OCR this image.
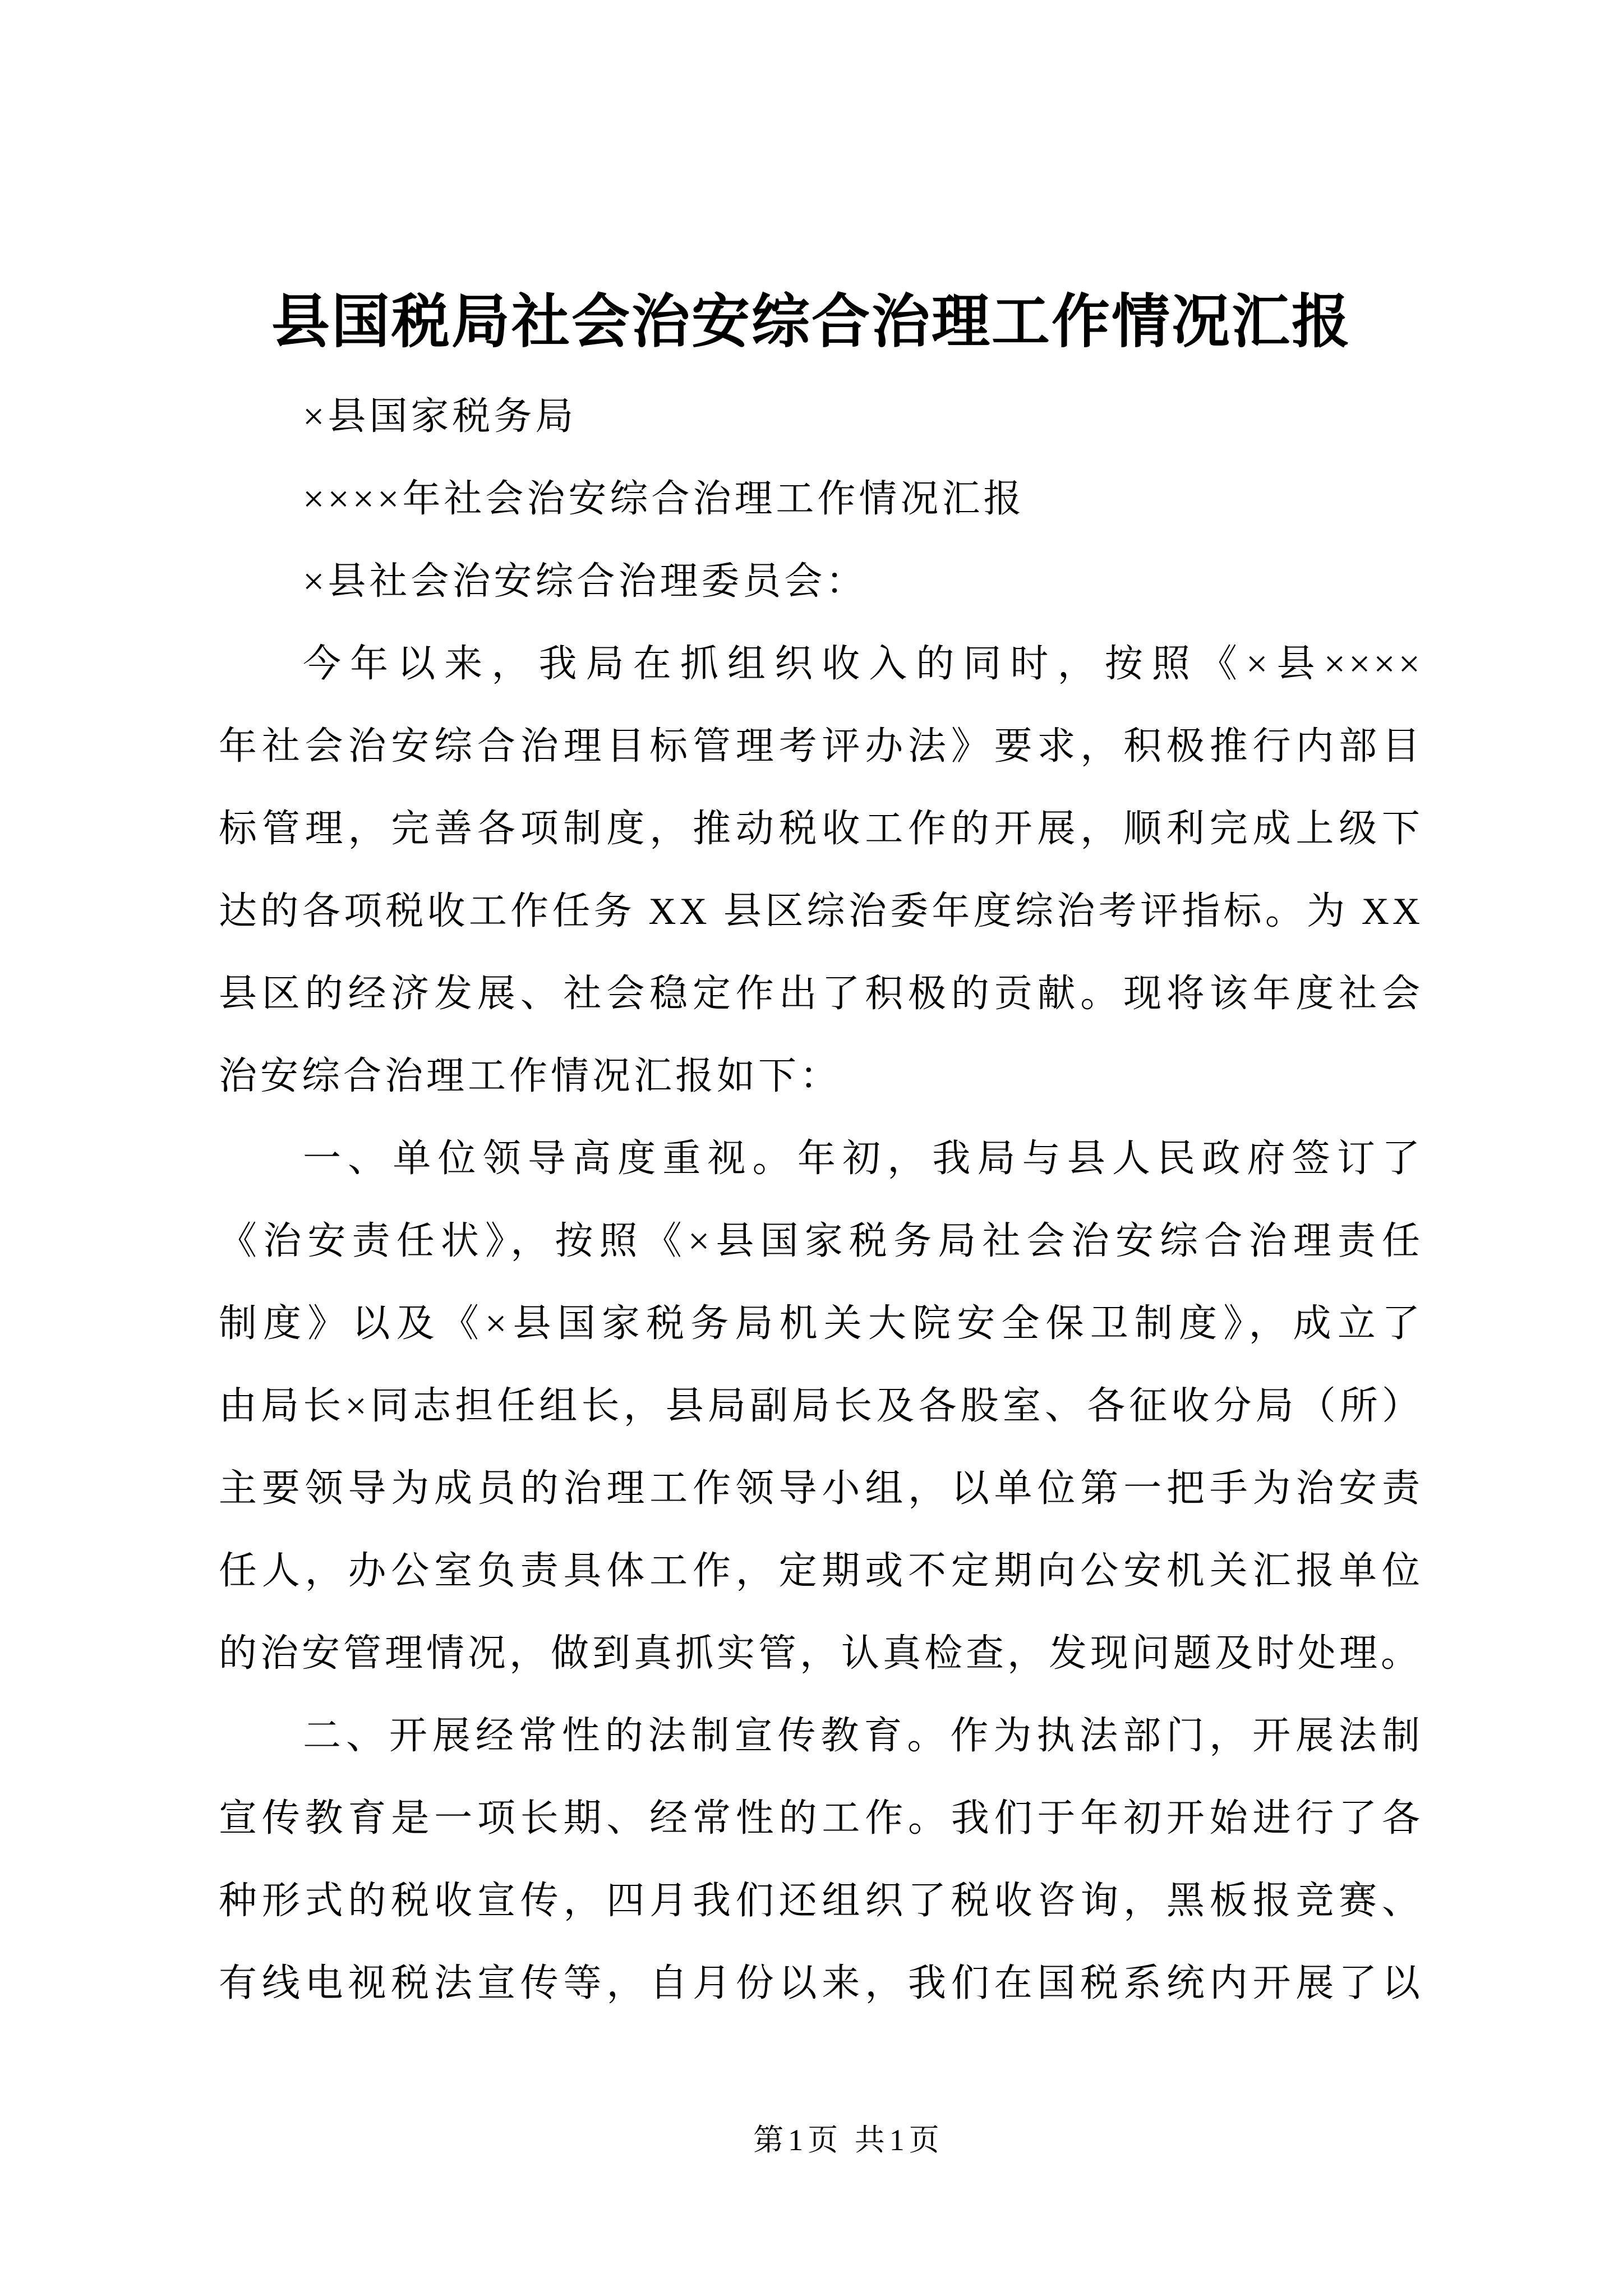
县国税局社会治安综合治理工作情况汇报
×县国家税务局
××××年社会治安综合治理工作情况汇报
×县社会治安综合治理委员会：
今年以来，我局在抓组织收入的同时，按照《×县××××
年社会治安综合治理目标管理考评办法》要求，积极推行内部目
标管理，完善各项制度，推动税收工作的开展，顺利完成上级下
达的各项税收工作任务 XX 县区综治委年度综治考评指标。为 XX
县区的经济发展、社会稳定作出了积极的贡献。现将该年度社会
治安综合治理工作情况汇报如下：
一、单位领导高度重视。年初，我局与县人民政府签订了
《治安责任状》，按照《×县国家税务局社会治安综合治理责任
制度》以及《×县国家税务局机关大院安全保卫制度》，成立了
由局长×同志担任组长，县局副局长及各股室、各征收分局（所）
主要领导为成员的治理工作领导小组，以单位第一把手为治安责
任人，办公室负责具体工作，定期或不定期向公安机关汇报单位
的治安管理情况，做到真抓实管，认真检查，发现问题及时处理。
二、开展经常性的法制宣传教育。作为执法部门，开展法制
宣传教育是一项长期、经常性的工作。我们于年初开始进行了各
种形式的税收宣传，四月我们还组织了税收咨询，黑板报竞赛、
有线电视税法宣传等，自月份以来，我们在国税系统内开展了以
第1页 共1页
